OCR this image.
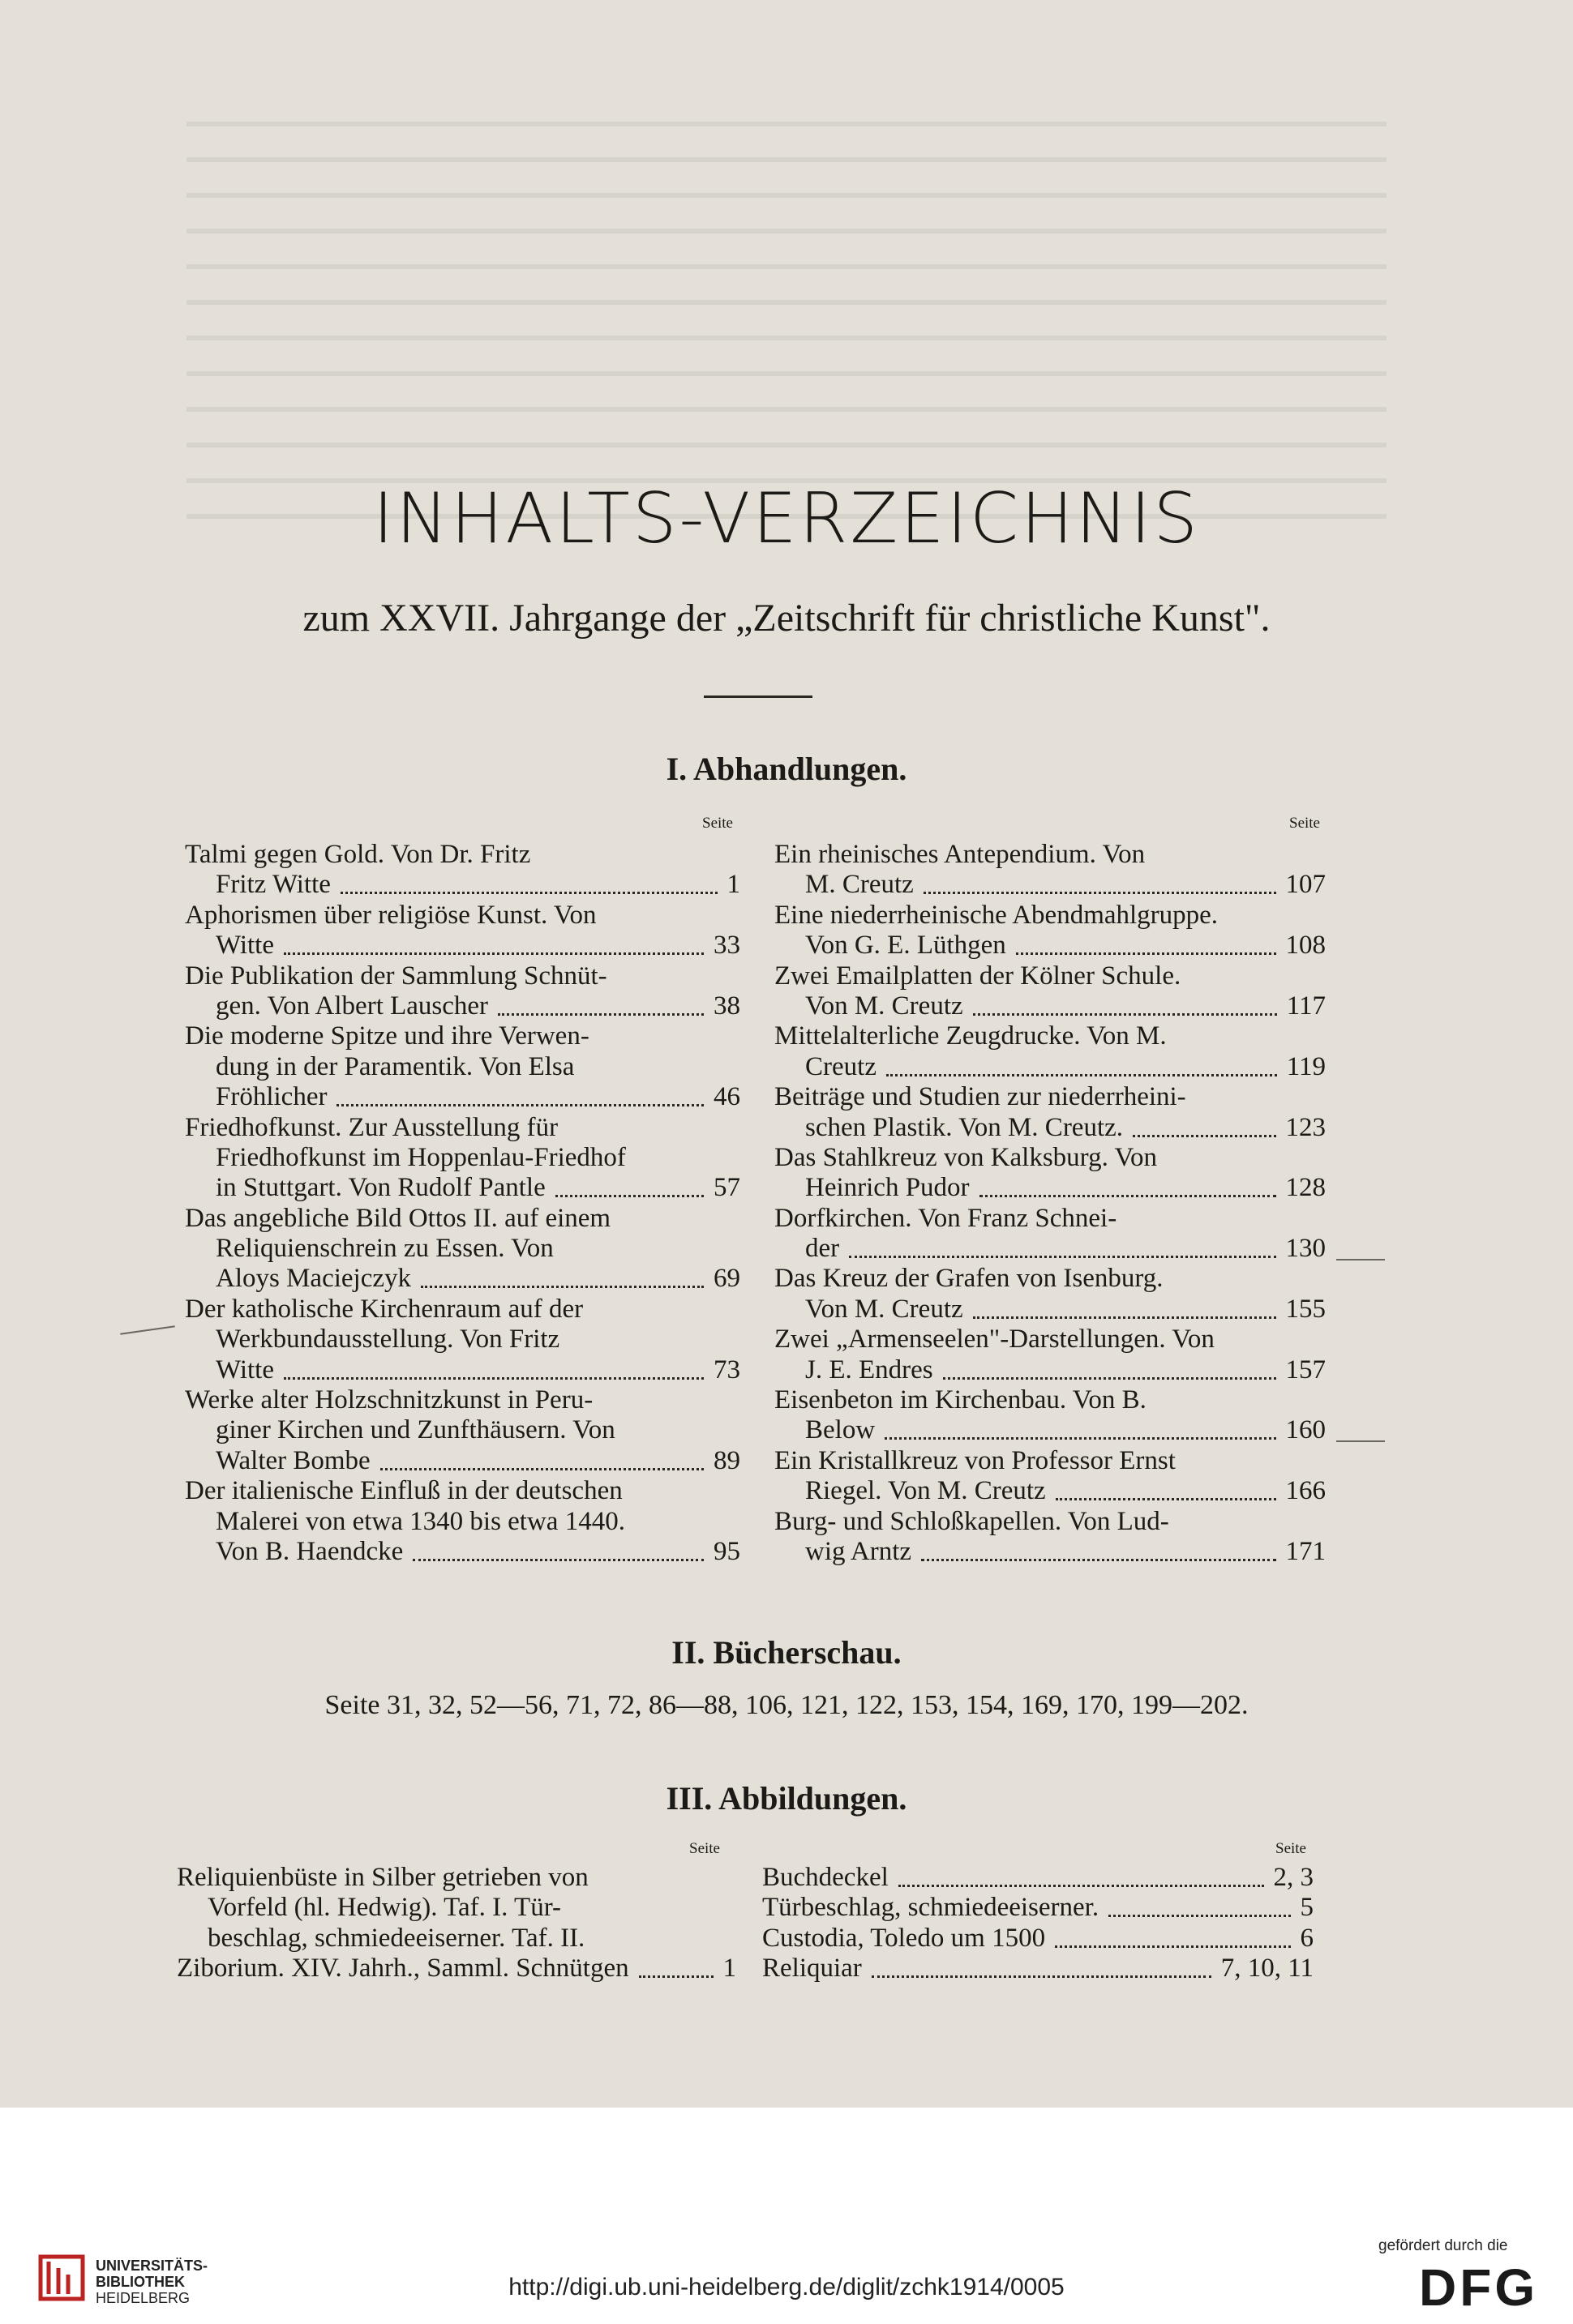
INHALTS-VERZEICHNIS
zum XXVII. Jahrgange der „Zeitschrift für christliche Kunst".
I. Abhandlungen.
Seite	Seite
Talmi gegen Gold. Von Dr. Fritz
Fritz Witte	1
Aphorismen über religiöse Kunst. Von
Witte	33
Die Publikation der Sammlung Schnüt-
gen. Von Albert Lauscher	38
Die moderne Spitze und ihre Verwen-
dung in der Paramentik. Von Elsa
Fröhlicher	46
Friedhofkunst. Zur Ausstellung für
Friedhofkunst im Hoppenlau-Friedhof
in Stuttgart. Von Rudolf Pantle	57
Das angebliche Bild Ottos II. auf einem
Reliquienschrein zu Essen. Von
Aloys Maciejczyk	69
Der katholische Kirchenraum auf der
Werkbundausstellung. Von Fritz
Witte	73
Werke alter Holzschnitzkunst in Peru-
giner Kirchen und Zunfthäusern. Von
Walter Bombe	89
Der italienische Einfluß in der deutschen
Malerei von etwa 1340 bis etwa 1440.
Von B. Haendcke	95
Ein rheinisches Antependium. Von
M. Creutz	107
Eine niederrheinische Abendmahlgruppe.
Von G. E. Lüthgen	108
Zwei Emailplatten der Kölner Schule.
Von M. Creutz	117
Mittelalterliche Zeugdrucke. Von M.
Creutz	119
Beiträge und Studien zur niederrheini-
schen Plastik. Von M. Creutz.	123
Das Stahlkreuz von Kalksburg. Von
Heinrich Pudor	128
Dorfkirchen. Von Franz Schnei-
der	130
Das Kreuz der Grafen von Isenburg.
Von M. Creutz	155
Zwei „Armenseelen"-Darstellungen. Von
J. E. Endres	157
Eisenbeton im Kirchenbau. Von B.
Below	160
Ein Kristallkreuz von Professor Ernst
Riegel. Von M. Creutz	166
Burg- und Schloßkapellen. Von Lud-
wig Arntz	171
II. Bücherschau.
Seite 31, 32, 52—56, 71, 72, 86—88, 106, 121, 122, 153, 154, 169, 170, 199—202.
III. Abbildungen.
Seite	Seite
Reliquienbüste in Silber getrieben von
Vorfeld (hl. Hedwig). Taf. I. Tür-
beschlag, schmiedeeiserner. Taf. II.
Ziborium. XIV. Jahrh., Samml. Schnütgen	1
Buchdeckel	2, 3
Türbeschlag, schmiedeeiserner.	5
Custodia, Toledo um 1500	6
Reliquiar	7, 10, 11
UNIVERSITÄTS-
BIBLIOTHEK
HEIDELBERG	http://digi.ub.uni-heidelberg.de/diglit/zchk1914/0005
gefördert durch die
DFG
